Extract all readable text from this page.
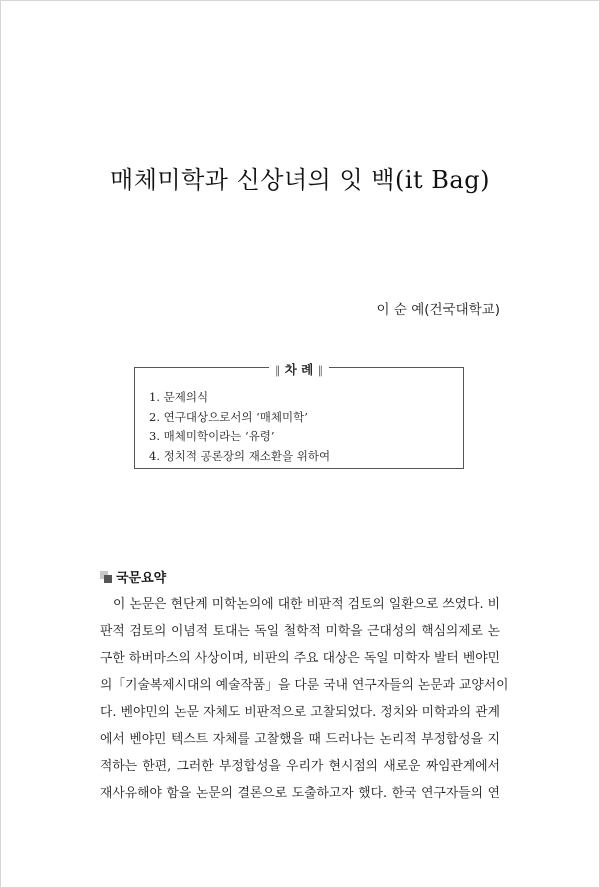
매체미학과 신상녀의 잇 백(it Bag)
이 순 예(건국대학교)
∥ 차 례 ∥
1. 문제의식
2. 연구대상으로서의 ‘매체미학’
3. 매체미학이라는 ‘유령’
4. 정치적 공론장의 재소환을 위하여
국문요약
이 논문은 현단계 미학논의에 대한 비판적 검토의 일환으로 쓰였다. 비
판적 검토의 이념적 토대는 독일 철학적 미학을 근대성의 핵심의제로 논
구한 하버마스의 사상이며, 비판의 주요 대상은 독일 미학자 발터 벤야민
의「기술복제시대의 예술작품」을 다룬 국내 연구자들의 논문과 교양서이
다. 벤야민의 논문 자체도 비판적으로 고찰되었다. 정치와 미학과의 관계
에서 벤야민 텍스트 자체를 고찰했을 때 드러나는 논리적 부정합성을 지
적하는 한편, 그러한 부정합성을 우리가 현시점의 새로운 짜임관계에서
재사유해야 함을 논문의 결론으로 도출하고자 했다. 한국 연구자들의 연
